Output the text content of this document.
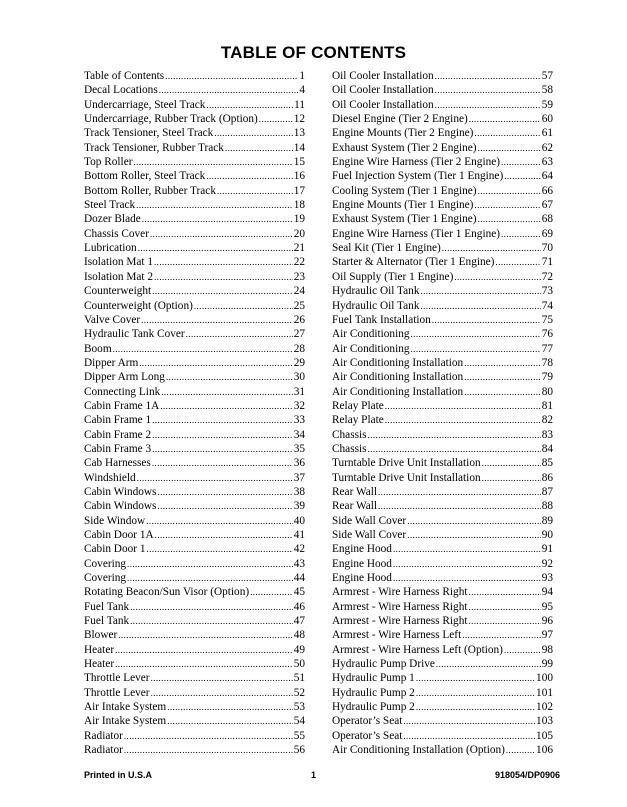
TABLE OF CONTENTS
Table of Contents .....	1
Decal Locations .....	4
Undercarriage, Steel Track .....	11
Undercarriage, Rubber Track (Option) .....	12
Track Tensioner, Steel Track .....	13
Track Tensioner, Rubber Track .....	14
Top Roller .....	15
Bottom Roller, Steel Track .....	16
Bottom Roller, Rubber Track .....	17
Steel Track .....	18
Dozer Blade .....	19
Chassis Cover .....	20
Lubrication .....	21
Isolation Mat 1 .....	22
Isolation Mat 2 .....	23
Counterweight .....	24
Counterweight (Option) .....	25
Valve Cover .....	26
Hydraulic Tank Cover .....	27
Boom .....	28
Dipper Arm .....	29
Dipper Arm Long .....	30
Connecting Link .....	31
Cabin Frame 1A .....	32
Cabin Frame 1 .....	33
Cabin Frame 2 .....	34
Cabin Frame 3 .....	35
Cab Harnesses .....	36
Windshield .....	37
Cabin Windows .....	38
Cabin Windows .....	39
Side Window .....	40
Cabin Door 1A .....	41
Cabin Door 1 .....	42
Covering .....	43
Covering .....	44
Rotating Beacon/Sun Visor (Option) .....	45
Fuel Tank .....	46
Fuel Tank .....	47
Blower .....	48
Heater .....	49
Heater .....	50
Throttle Lever .....	51
Throttle Lever .....	52
Air Intake System .....	53
Air Intake System .....	54
Radiator .....	55
Radiator .....	56
Oil Cooler Installation .....	57
Oil Cooler Installation .....	58
Oil Cooler Installation .....	59
Diesel Engine (Tier 2 Engine) .....	60
Engine Mounts (Tier 2 Engine) .....	61
Exhaust System (Tier 2 Engine) .....	62
Engine Wire Harness (Tier 2 Engine) .....	63
Fuel Injection System (Tier 1 Engine) .....	64
Cooling System (Tier 1 Engine) .....	66
Engine Mounts (Tier 1 Engine) .....	67
Exhaust System (Tier 1 Engine) .....	68
Engine Wire Harness (Tier 1 Engine) .....	69
Seal Kit (Tier 1 Engine) .....	70
Starter & Alternator (Tier 1 Engine) .....	71
Oil Supply (Tier 1 Engine) .....	72
Hydraulic Oil Tank .....	73
Hydraulic Oil Tank .....	74
Fuel Tank Installation .....	75
Air Conditioning .....	76
Air Conditioning .....	77
Air Conditioning Installation .....	78
Air Conditioning Installation .....	79
Air Conditioning Installation .....	80
Relay Plate .....	81
Relay Plate .....	82
Chassis .....	83
Chassis .....	84
Turntable Drive Unit Installation .....	85
Turntable Drive Unit Installation .....	86
Rear Wall .....	87
Rear Wall .....	88
Side Wall Cover .....	89
Side Wall Cover .....	90
Engine Hood .....	91
Engine Hood .....	92
Engine Hood .....	93
Armrest - Wire Harness Right .....	94
Armrest - Wire Harness Right .....	95
Armrest - Wire Harness Right .....	96
Armrest - Wire Harness Left .....	97
Armrest - Wire Harness Left (Option) .....	98
Hydraulic Pump Drive .....	99
Hydraulic Pump 1 .....	100
Hydraulic Pump 2 .....	101
Hydraulic Pump 2 .....	102
Operator’s Seat .....	103
Operator’s Seat .....	105
Air Conditioning Installation (Option) .....	106
Printed in U.S.A	1	918054/DP0906
